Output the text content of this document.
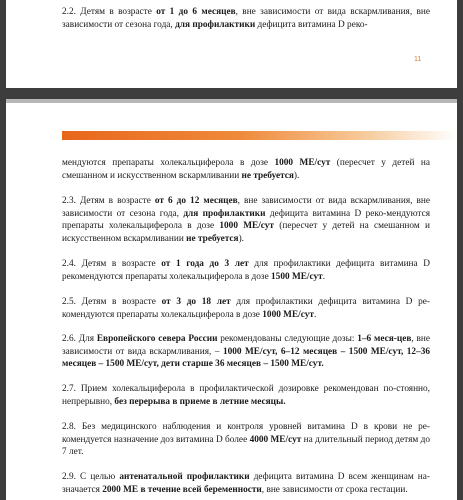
2.2. Детям в возрасте от 1 до 6 месяцев, вне зависимости от вида вскармливания, вне зависимости от сезона года, для профилактики дефицита витамина D реко-

11

мендуются препараты холекальциферола в дозе 1000 МЕ/сут (пересчет у детей на смешанном и искусственном вскармливании не требуется).

2.3. Детям в возрасте от 6 до 12 месяцев, вне зависимости от вида вскармливания, вне зависимости от сезона года, для профилактики дефицита витамина D реко-мендуются препараты холекальциферола в дозе 1000 МЕ/сут (пересчет у детей на смешанном и искусственном вскармливании не требуется).

2.4. Детям в возрасте от 1 года до 3 лет для профилактики дефицита витамина D рекомендуются препараты холекальциферола в дозе 1500 МЕ/сут.

2.5. Детям в возрасте от 3 до 18 лет для профилактики дефицита витамина D ре-комендуются препараты холекальциферола в дозе 1000 МЕ/сут.

2.6. Для Европейского севера России рекомендованы следующие дозы: 1–6 меся-цев, вне зависимости от вида вскармливания, – 1000 МЕ/сут, 6–12 месяцев – 1500 МЕ/сут, 12–36 месяцев – 1500 МЕ/сут, дети старше 36 месяцев – 1500 МЕ/сут.

2.7. Прием холекальциферола в профилактической дозировке рекомендован по-стоянно, непрерывно, без перерыва в приеме в летние месяцы.

2.8. Без медицинского наблюдения и контроля уровней витамина D в крови не ре-комендуется назначение доз витамина D более 4000 МЕ/сут на длительный период детям до 7 лет.

2.9. С целью антенатальной профилактики дефицита витамина D всем женщинам на-значается 2000 МЕ в течение всей беременности, вне зависимости от срока гестации.
